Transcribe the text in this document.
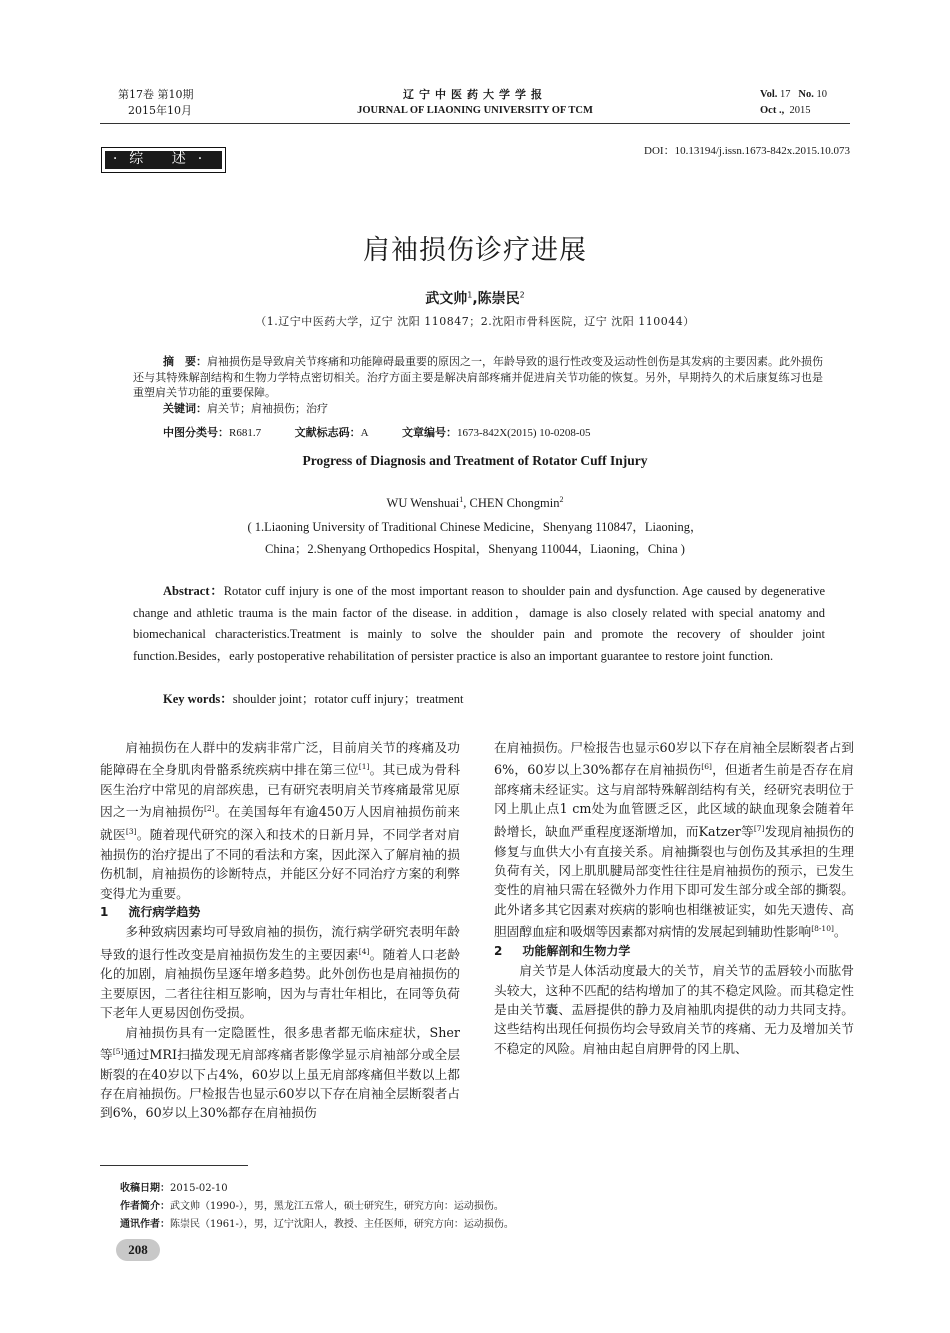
第17卷 第10期
2015年10月
辽宁中医药大学学报
JOURNAL OF LIAONING UNIVERSITY OF TCM
Vol. 17 No. 10
Oct ., 2015
·综 述·	DOI：10.13194/j.issn.1673-842x.2015.10.073
肩袖损伤诊疗进展
武文帅$^1$,陈崇民$^2$
（1.辽宁中医药大学，辽宁 沈阳 110847；2.沈阳市骨科医院，辽宁 沈阳 110044）
摘　要：肩袖损伤是导致肩关节疼痛和功能障碍最重要的原因之一，年龄导致的退行性改变及运动性创伤是其发病的主要因素。此外损伤还与其特殊解剖结构和生物力学特点密切相关。治疗方面主要是解决肩部疼痛并促进肩关节功能的恢复。另外，早期持久的术后康复练习也是重塑肩关节功能的重要保障。
关键词：肩关节；肩袖损伤；治疗
中图分类号：R681.7	文献标志码：A	文章编号：1673-842X(2015) 10-0208-05
Progress of Diagnosis and Treatment of Rotator Cuff Injury
WU Wenshuai$^1$, CHEN Chongmin$^2$
( 1.Liaoning University of Traditional Chinese Medicine，Shenyang 110847，Liaoning，
China；2.Shenyang Orthopedics Hospital，Shenyang 110044，Liaoning，China )
Abstract：Rotator cuff injury is one of the most important reason to shoulder pain and dysfunction. Age caused by degenerative change and athletic trauma is the main factor of the disease. in addition，damage is also closely related with special anatomy and biomechanical characteristics.Treatment is mainly to solve the shoulder pain and promote the recovery of shoulder joint function.Besides，early postoperative rehabilitation of persister practice is also an important guarantee to restore joint function.
Key words：shoulder joint；rotator cuff injury；treatment

肩袖损伤在人群中的发病非常广泛，目前肩关节的疼痛及功能障碍在全身肌肉骨骼系统疾病中排在第三位[1]。其已成为骨科医生治疗中常见的肩部疾患，已有研究表明肩关节疼痛最常见原因之一为肩袖损伤[2]。在美国每年有逾450万人因肩袖损伤前来就医[3]。随着现代研究的深入和技术的日新月异，不同学者对肩袖损伤的治疗提出了不同的看法和方案，因此深入了解肩袖的损伤机制，肩袖损伤的诊断特点，并能区分好不同治疗方案的利弊变得尤为重要。

1 流行病学趋势

多种致病因素均可导致肩袖的损伤，流行病学研究表明年龄导致的退行性改变是肩袖损伤发生的主要因素[4]。随着人口老龄化的加剧，肩袖损伤呈逐年增多趋势。此外创伤也是肩袖损伤的主要原因，二者往往相互影响，因为与青壮年相比，在同等负荷下老年人更易因创伤受损。

肩袖损伤具有一定隐匿性，很多患者都无临床症状，Sher等[5]通过MRI扫描发现无肩部疼痛者影像学显示肩袖部分或全层断裂的在40岁以下占4%，60岁以上虽无肩部疼痛但半数以上都存在肩袖损伤。尸检报告也显示60岁以下存在肩袖全层断裂者占到6%，60岁以上30%都存在肩袖损伤

在肩袖损伤。尸检报告也显示60岁以下存在肩袖全层断裂者占到6%，60岁以上30%都存在肩袖损伤[6]，但逝者生前是否存在肩部疼痛未经证实。这与肩部特殊解剖结构有关，经研究表明位于冈上肌止点1 cm处为血管匮乏区，此区域的缺血现象会随着年龄增长，缺血严重程度逐渐增加，而Katzer等[7]发现肩袖损伤的修复与血供大小有直接关系。肩袖撕裂也与创伤及其承担的生理负荷有关，冈上肌肌腱局部变性往往是肩袖损伤的预示，已发生变性的肩袖只需在轻微外力作用下即可发生部分或全部的撕裂。此外诸多其它因素对疾病的影响也相继被证实，如先天遗传、高胆固醇血症和吸烟等因素都对病情的发展起到辅助性影响[8-10]。

2 功能解剖和生物力学

肩关节是人体活动度最大的关节，肩关节的盂唇较小而肱骨头较大，这种不匹配的结构增加了的其不稳定风险。而其稳定性是由关节囊、盂唇提供的静力及肩袖肌肉提供的动力共同支持。这些结构出现任何损伤均会导致肩关节的疼痛、无力及增加关节不稳定的风险。肩袖由起自肩胛骨的冈上肌、

收稿日期：2015-02-10
作者简介：武文帅（1990-），男，黑龙江五常人，硕士研究生，研究方向：运动损伤。
通讯作者：陈崇民（1961-），男，辽宁沈阳人，教授、主任医师，研究方向：运动损伤。
208
